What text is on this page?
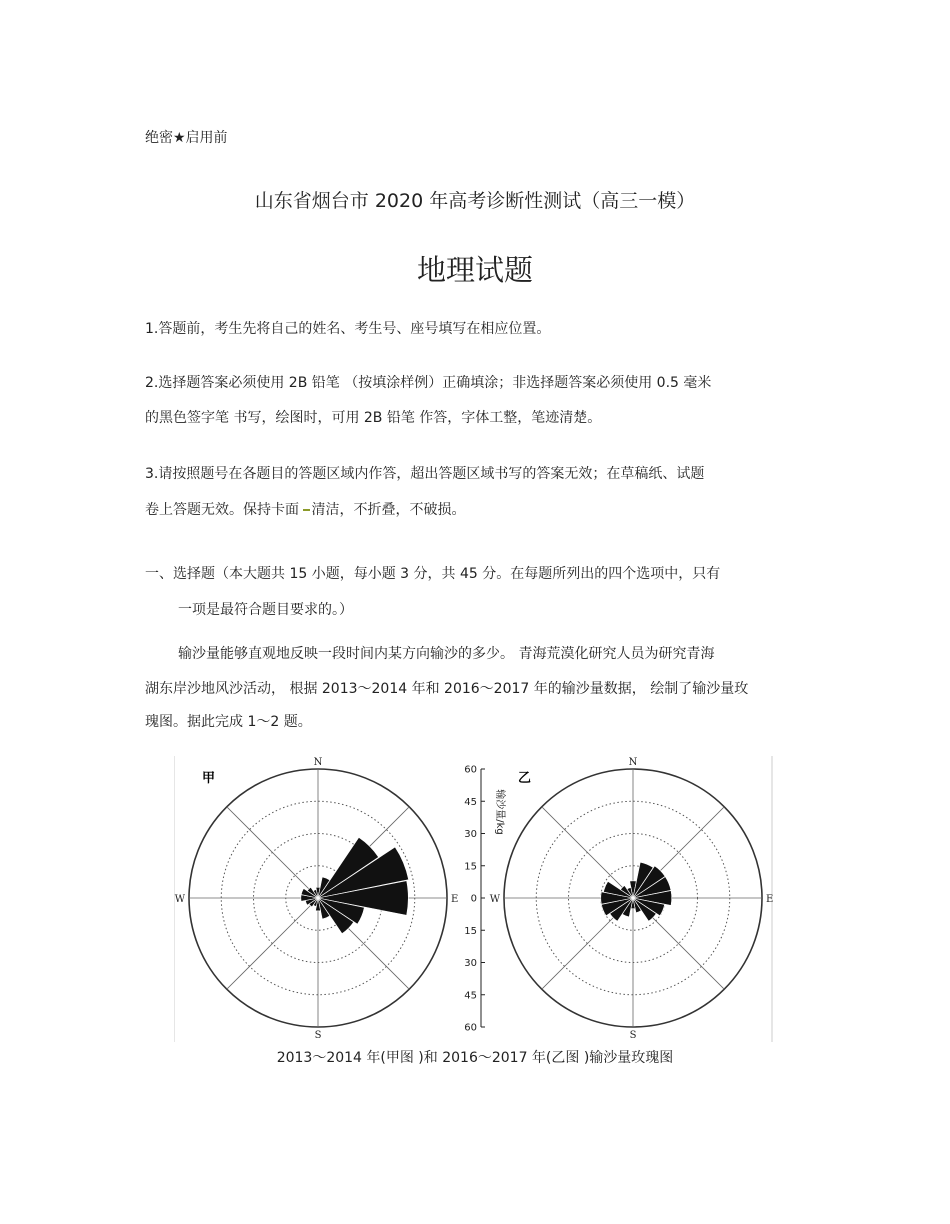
绝密★启用前
山东省烟台市 2020 年高考诊断性测试（高三一模）
地理试题
1.答题前，考生先将自己的姓名、考生号、座号填写在相应位置。
2.选择题答案必须使用 2B 铅笔 （按填涂样例）正确填涂；非选择题答案必须使用 0.5 毫米
的黑色签字笔 书写，绘图时，可用 2B 铅笔 作答，字体工整，笔迹清楚。
3.请按照题号在各题目的答题区域内作答，超出答题区域书写的答案无效；在草稿纸、试题
卷上答题无效。保持卡面 清洁，不折叠，不破损。
一、选择题（本大题共 15 小题，每小题 3 分，共 45 分。在每题所列出的四个选项中，只有
一项是最符合题目要求的。）
输沙量能够直观地反映一段时间内某方向输沙的多少。 青海荒漠化研究人员为研究青海
湖东岸沙地风沙活动， 根据 2013～2014 年和 2016～2017 年的输沙量数据， 绘制了输沙量玫
瑰图。据此完成 1～2 题。
N
S
E
W
N
S
E
W
60
45
30
15
0
15
30
45
60
输沙量/kg
甲	乙
2013～2014 年(甲图 )和 2016～2017 年(乙图 )输沙量玫瑰图
